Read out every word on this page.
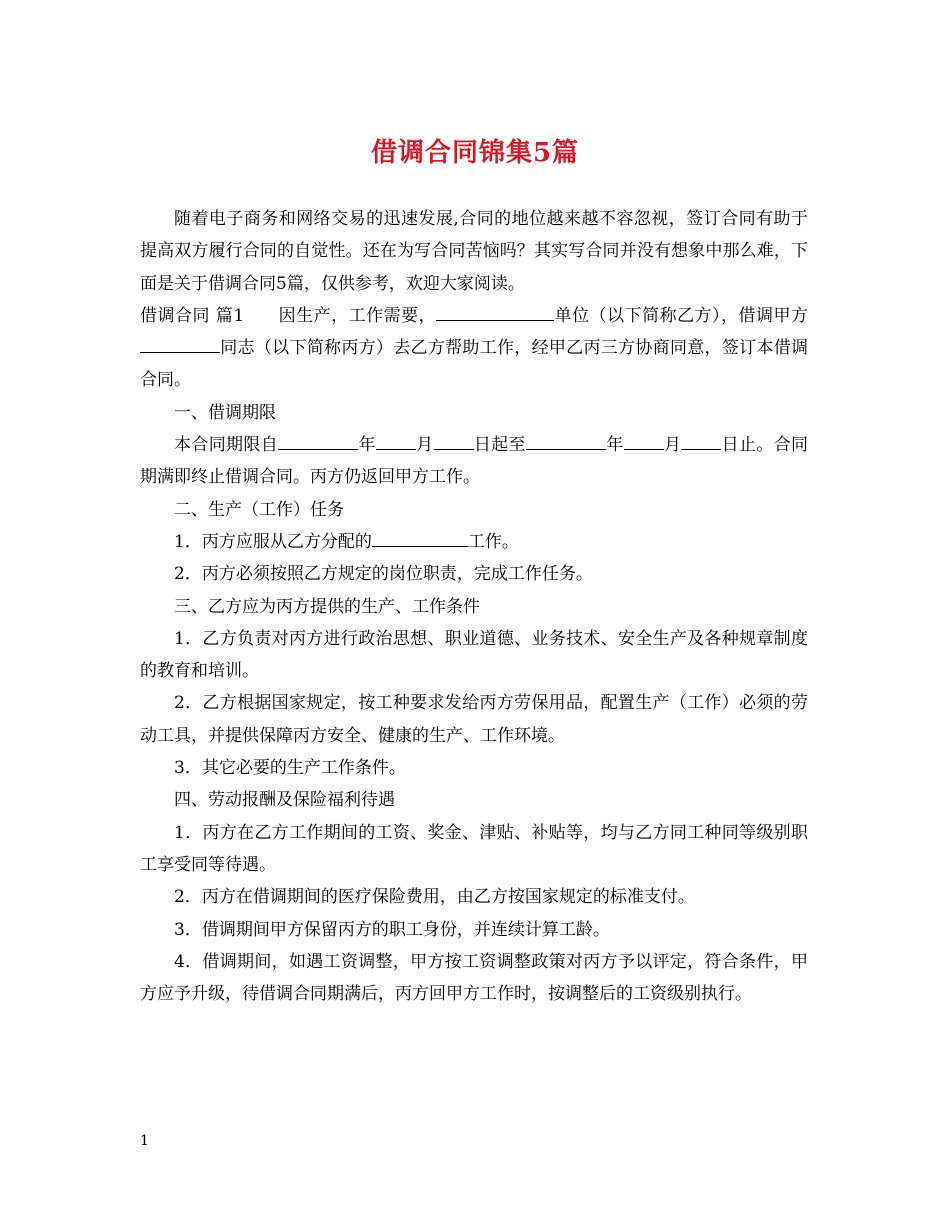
借调合同锦集5篇

随着电子商务和网络交易的迅速发展,合同的地位越来越不容忽视，签订合同有助于提高双方履行合同的自觉性。还在为写合同苦恼吗？其实写合同并没有想象中那么难，下面是关于借调合同5篇，仅供参考，欢迎大家阅读。

借调合同 篇1 因生产，工作需要，	单位（以下简称乙方），借调甲方同志（以下简称丙方）去乙方帮助工作，经甲乙丙三方协商同意，签订本借调合同。

一、借调期限

本合同期限自	年 月 日起至	年 月 日止。合同期满即终止借调合同。丙方仍返回甲方工作。

二、生产（工作）任务

1．丙方应服从乙方分配的	工作。

2．丙方必须按照乙方规定的岗位职责，完成工作任务。

三、乙方应为丙方提供的生产、工作条件

1．乙方负责对丙方进行政治思想、职业道德、业务技术、安全生产及各种规章制度的教育和培训。

2．乙方根据国家规定，按工种要求发给丙方劳保用品，配置生产（工作）必须的劳动工具，并提供保障丙方安全、健康的生产、工作环境。

3．其它必要的生产工作条件。

四、劳动报酬及保险福利待遇

1．丙方在乙方工作期间的工资、奖金、津贴、补贴等，均与乙方同工种同等级别职工享受同等待遇。

2．丙方在借调期间的医疗保险费用，由乙方按国家规定的标准支付。

3．借调期间甲方保留丙方的职工身份，并连续计算工龄。

4．借调期间，如遇工资调整，甲方按工资调整政策对丙方予以评定，符合条件，甲方应予升级，待借调合同期满后，丙方回甲方工作时，按调整后的工资级别执行。

1
